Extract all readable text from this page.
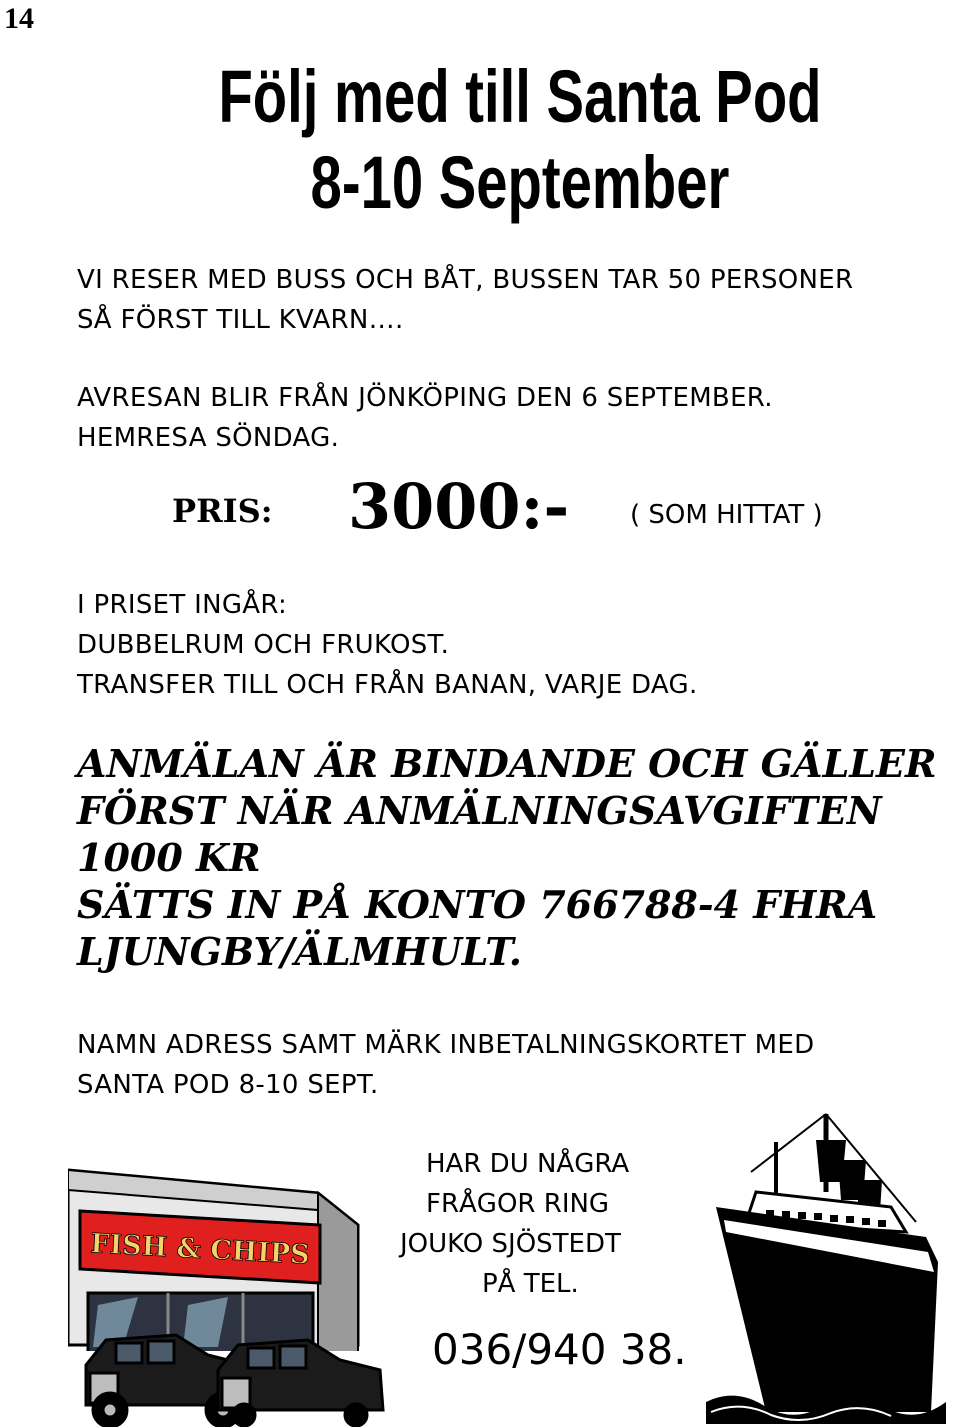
14
Följ med till Santa Pod
8-10 September
VI RESER MED BUSS OCH BÅT, BUSSEN TAR 50 PERSONER
SÅ FÖRST TILL KVARN….
AVRESAN BLIR FRÅN JÖNKÖPING DEN 6 SEPTEMBER.
HEMRESA SÖNDAG.
PRIS: 3000:- ( SOM HITTAT )
I PRISET INGÅR:
DUBBELRUM OCH FRUKOST.
TRANSFER TILL OCH FRÅN BANAN, VARJE DAG.
ANMÄLAN ÄR BINDANDE OCH GÄLLER
FÖRST NÄR ANMÄLNINGSAVGIFTEN
1000 KR
SÄTTS IN PÅ KONTO 766788-4 FHRA
LJUNGBY/ÄLMHULT.
NAMN ADRESS SAMT MÄRK INBETALNINGSKORTET MED
SANTA POD 8-10 SEPT.
HAR DU NÅGRA
FRÅGOR RING
JOUKO SJÖSTEDT
PÅ TEL.
036/940 38.
FISH & CHIPS
